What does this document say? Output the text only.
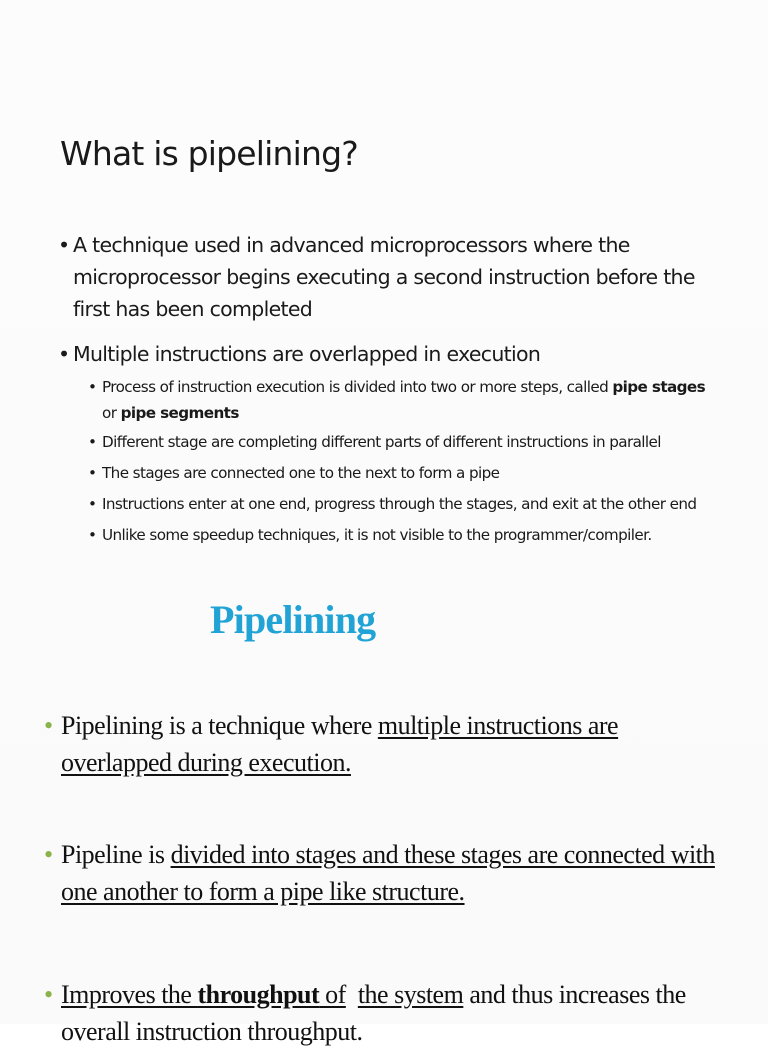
What is pipelining?
• A technique used in advanced microprocessors where the microprocessor begins executing a second instruction before the first has been completed
• Multiple instructions are overlapped in execution
• Process of instruction execution is divided into two or more steps, called pipe stages
or pipe segments
• Different stage are completing different parts of different instructions in parallel
• The stages are connected one to the next to form a pipe
• Instructions enter at one end, progress through the stages, and exit at the other end
• Unlike some speedup techniques, it is not visible to the programmer/compiler.
Pipelining
• Pipelining is a technique where multiple instructions are overlapped during execution.
• Pipeline is divided into stages and these stages are connected with one another to form a pipe like structure.
• Improves the throughput of the system and thus increases the overall instruction throughput.
